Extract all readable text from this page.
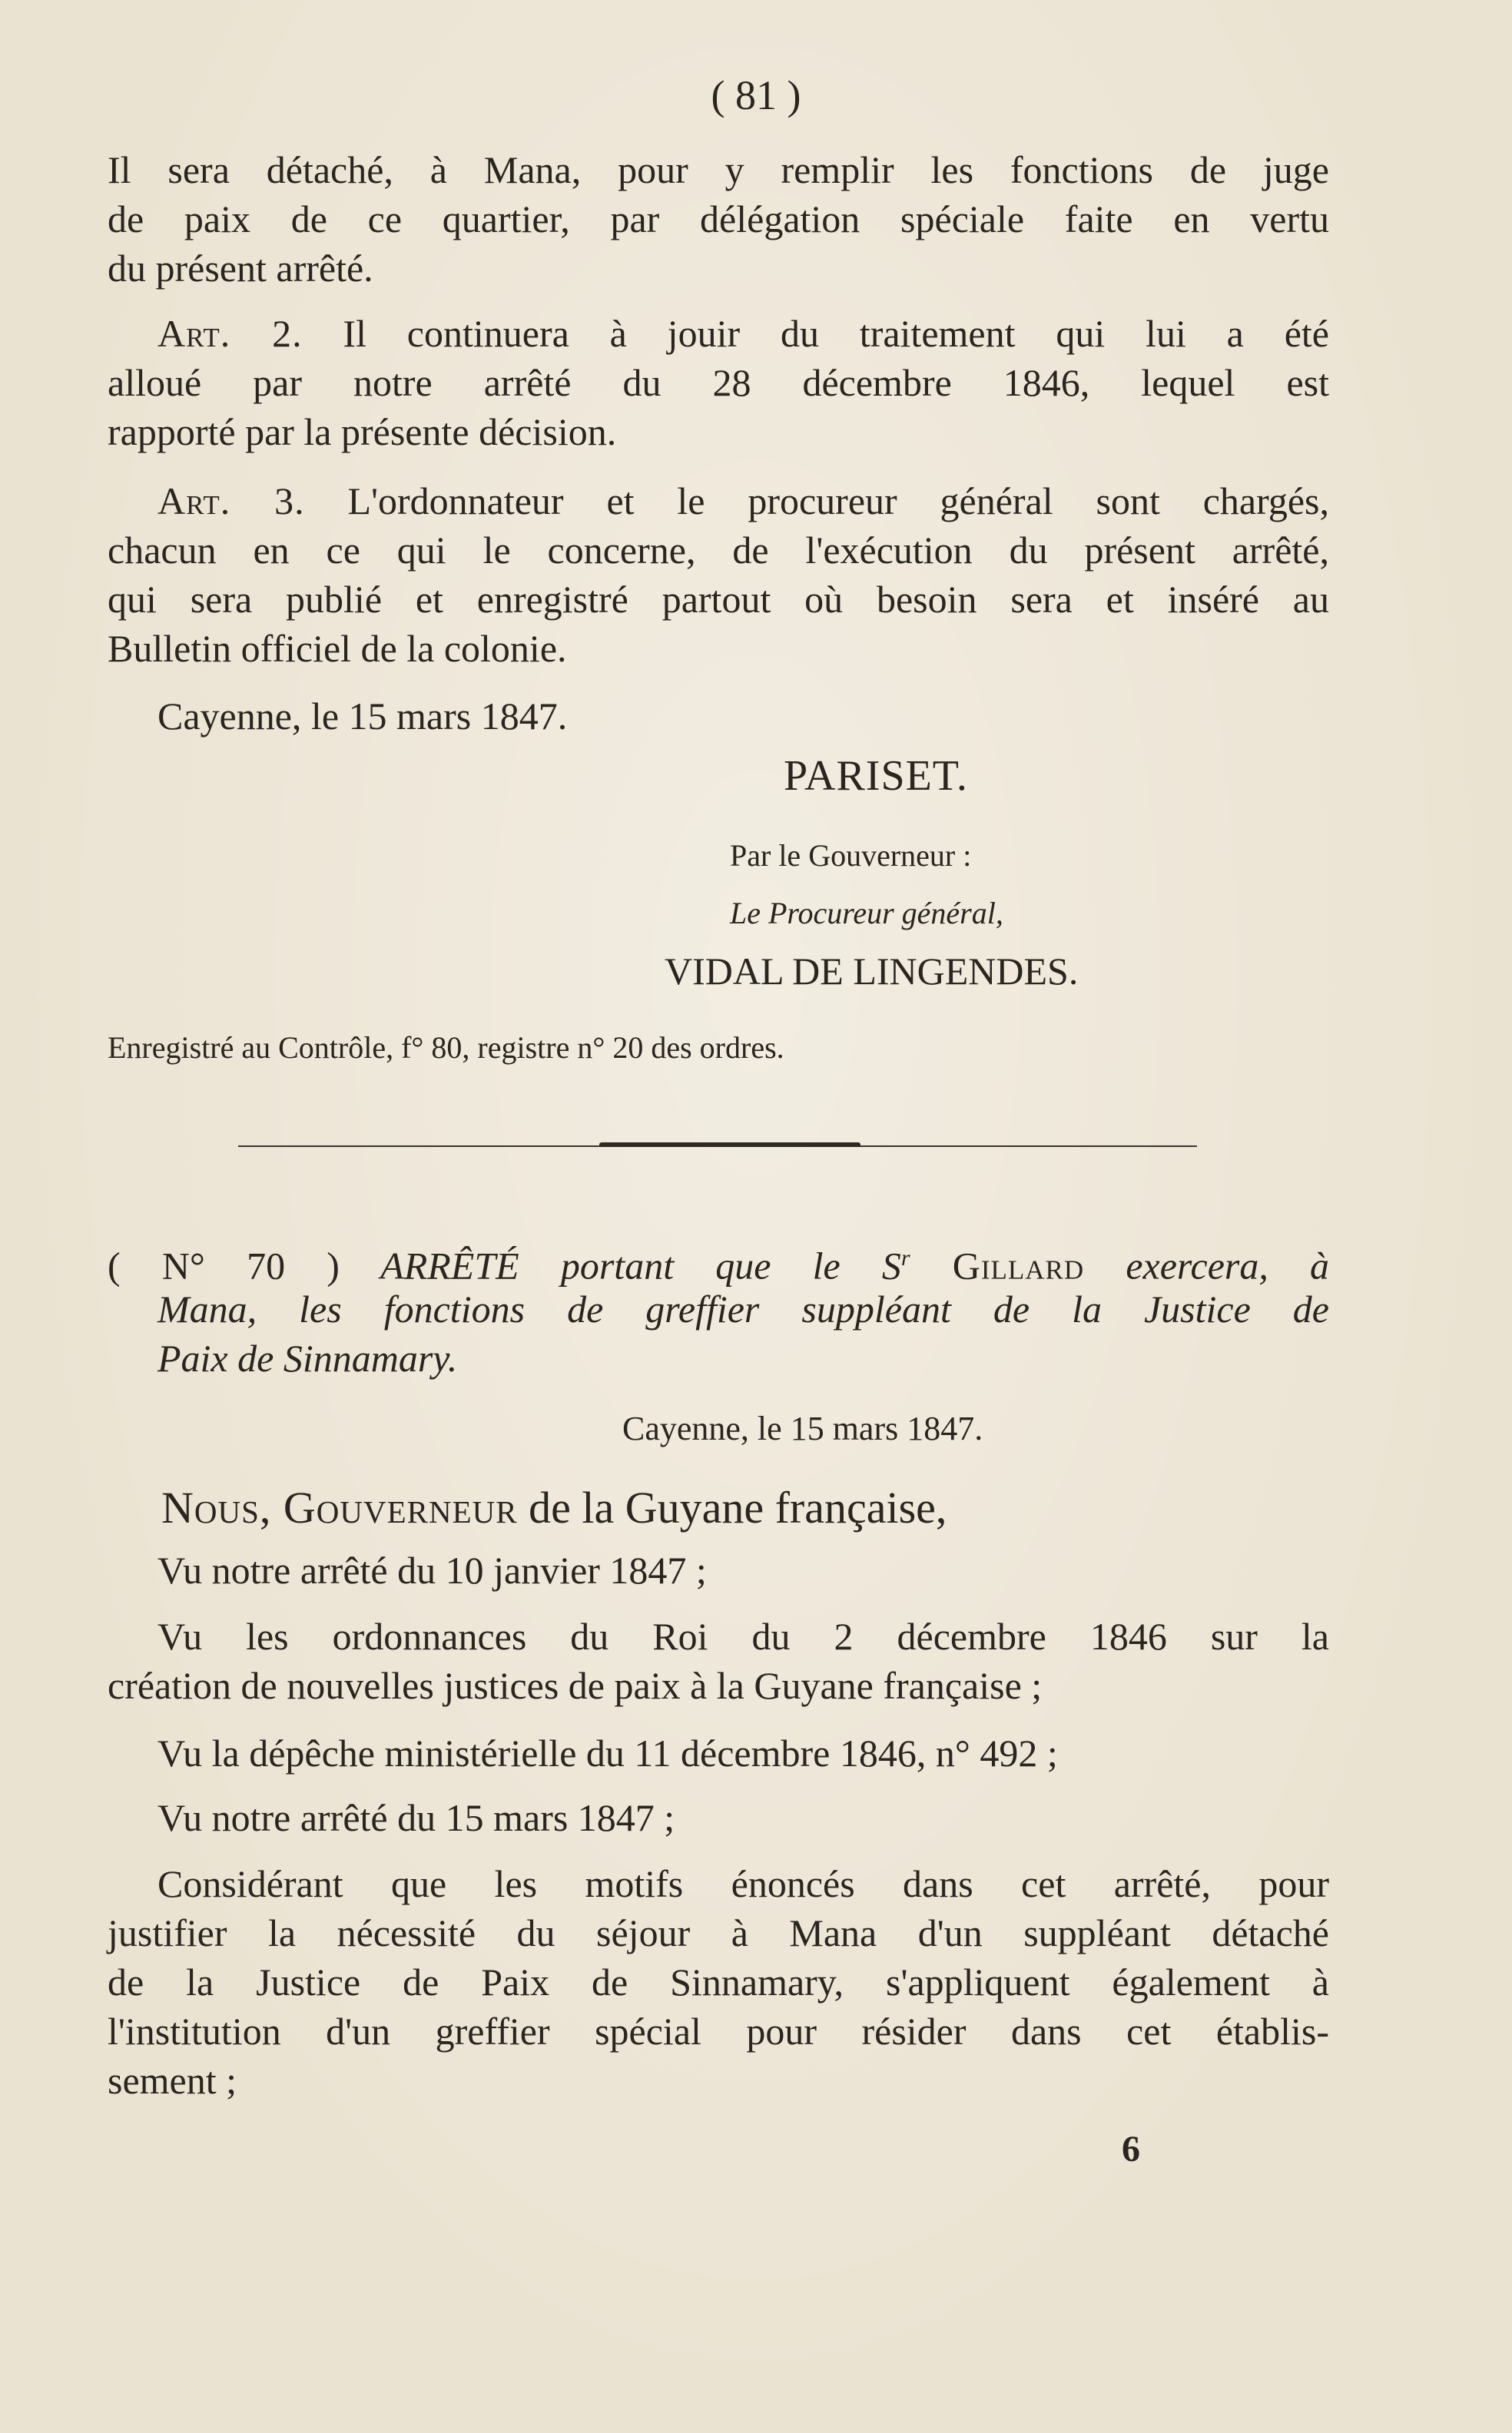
( 81 )

Il sera détaché, à Mana, pour y remplir les fonctions de juge

de paix de ce quartier, par délégation spéciale faite en vertu

du présent arrêté.

Art. 2. Il continuera à jouir du traitement qui lui a été

alloué par notre arrêté du 28 décembre 1846, lequel est

rapporté par la présente décision.

Art. 3. L'ordonnateur et le procureur général sont chargés,

chacun en ce qui le concerne, de l'exécution du présent arrêté,

qui sera publié et enregistré partout où besoin sera et inséré au

Bulletin officiel de la colonie.

Cayenne, le 15 mars 1847.

PARISET.

Par le Gouverneur :

Le Procureur général,

VIDAL DE LINGENDES.

Enregistré au Contrôle, f° 80, registre n° 20 des ordres.

( N° 70 ) ARRÊTÉ portant que le $S^r$ Gillard exercera, à

Mana, les fonctions de greffier suppléant de la Justice de

Paix de Sinnamary.

Cayenne, le 15 mars 1847.

Nous, Gouverneur de la Guyane française,

Vu notre arrêté du 10 janvier 1847 ;

Vu les ordonnances du Roi du 2 décembre 1846 sur la

création de nouvelles justices de paix à la Guyane française ;

Vu la dépêche ministérielle du 11 décembre 1846, n° 492 ;

Vu notre arrêté du 15 mars 1847 ;

Considérant que les motifs énoncés dans cet arrêté, pour

justifier la nécessité du séjour à Mana d'un suppléant détaché

de la Justice de Paix de Sinnamary, s'appliquent également à

l'institution d'un greffier spécial pour résider dans cet établis-

sement ;

6
